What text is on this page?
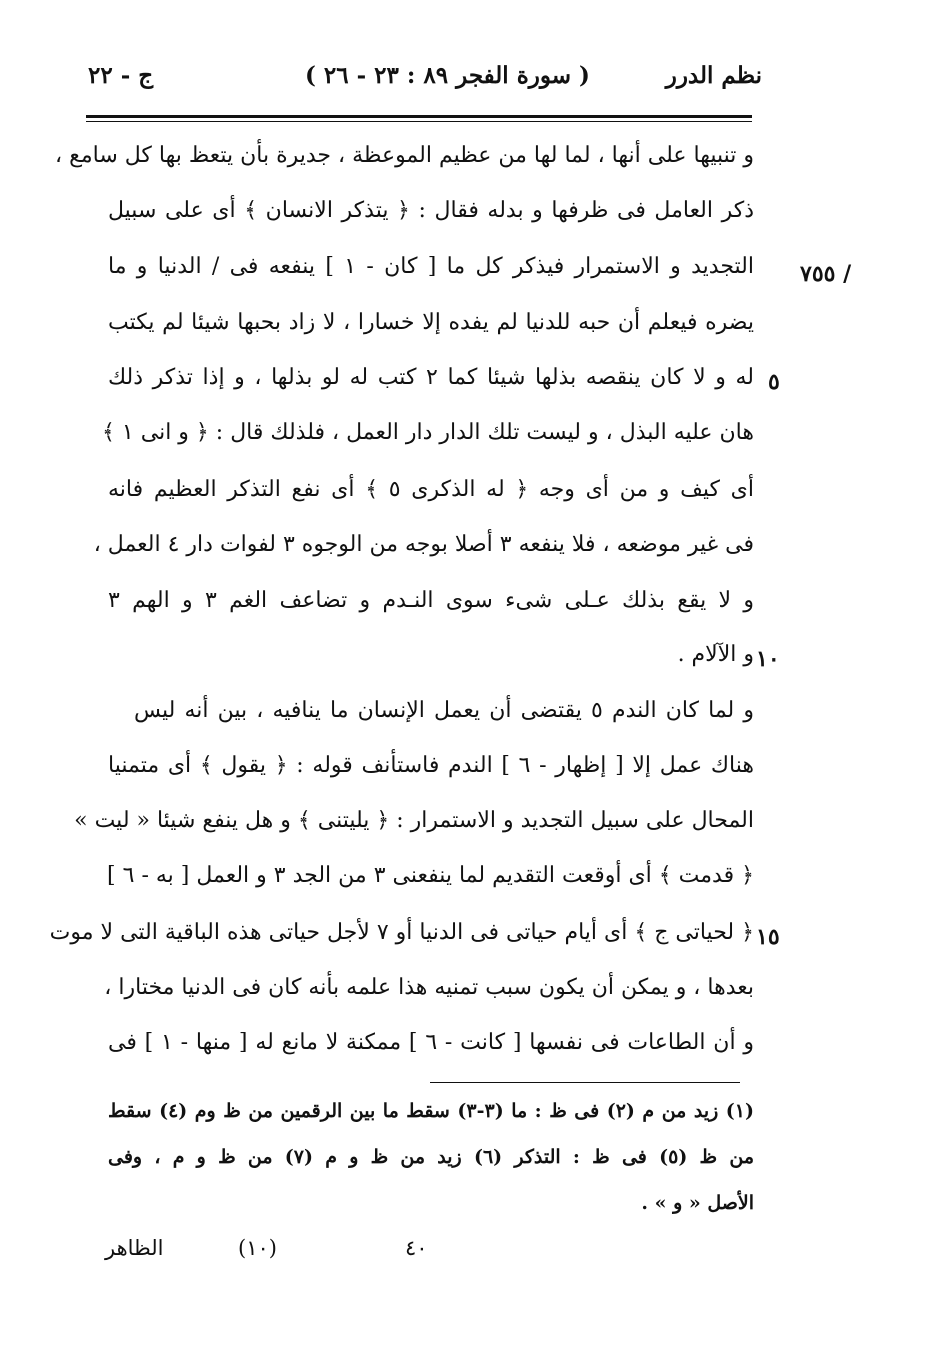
نظم الدرر
( سورة الفجر ٨٩ : ٢٣ - ٢٦ )
ج - ٢٢
/ ٧٥٥
٥
١٠
١٥
و تنبيها على أنها ، لما لها من عظيم الموعظة ، جديرة بأن يتعظ بها كل سامع ،
ذكر العامل فى ظرفها و بدله فقال : ﴿ يتذكر الانسان ﴾ أى على سبيل
التجديد و الاستمرار فيذكر كل ما [ كان - ١ ] ينفعه فى / الدنيا و ما
يضره فيعلم أن حبه للدنيا لم يفده إلا خسارا ، لا زاد بحبها شيئا لم يكتب
له و لا كان ينقصه بذلها شيئا كما ٢ كتب له لو بذلها ، و إذا تذكر ذلك
هان عليه البذل ، و ليست تلك الدار دار العمل ، فلذلك قال : ﴿ و انى ١ ﴾
أى كيف و من أى وجه ﴿ له الذكرى ٥ ﴾ أى نفع التذكر العظيم فانه
فى غير موضعه ، فلا ينفعه ٣ أصلا بوجه من الوجوه ٣ لفوات دار ٤ العمل ،
و لا يقع بذلك عـلى شىء سوى النـدم و تضاعف الغم ٣ و الهم ٣
و الآلام .
و لما كان الندم ٥ يقتضى أن يعمل الإنسان ما ينافيه ، بين أنه ليس
هناك عمل إلا [ إظهار - ٦ ] الندم فاستأنف قوله : ﴿ يقول ﴾ أى متمنيا
المحال على سبيل التجديد و الاستمرار : ﴿ يليتنى ﴾ و هل ينفع شيئا « ليت »
﴿ قدمت ﴾ أى أوقعت التقديم لما ينفعنى ٣ من الجد ٣ و العمل [ به - ٦ ]
﴿ لحياتى ج ﴾ أى أيام حياتى فى الدنيا أو ٧ لأجل حياتى هذه الباقية التى لا موت
بعدها ، و يمكن أن يكون سبب تمنيه هذا علمه بأنه كان فى الدنيا مختارا ،
و أن الطاعات فى نفسها [ كانت - ٦ ] ممكنة لا مانع له [ منها - ١ ] فى
(١) زيد من م (٢) فى ظ : ما (٣-٣) سقط ما بين الرقمين من ظ وم (٤) سقط
من ظ (٥) فى ظ : التذكر (٦) زيد من ظ و م (٧) من ظ و م ، وفى
الأصل « و » .
٤٠
(١٠)
الظاهر
